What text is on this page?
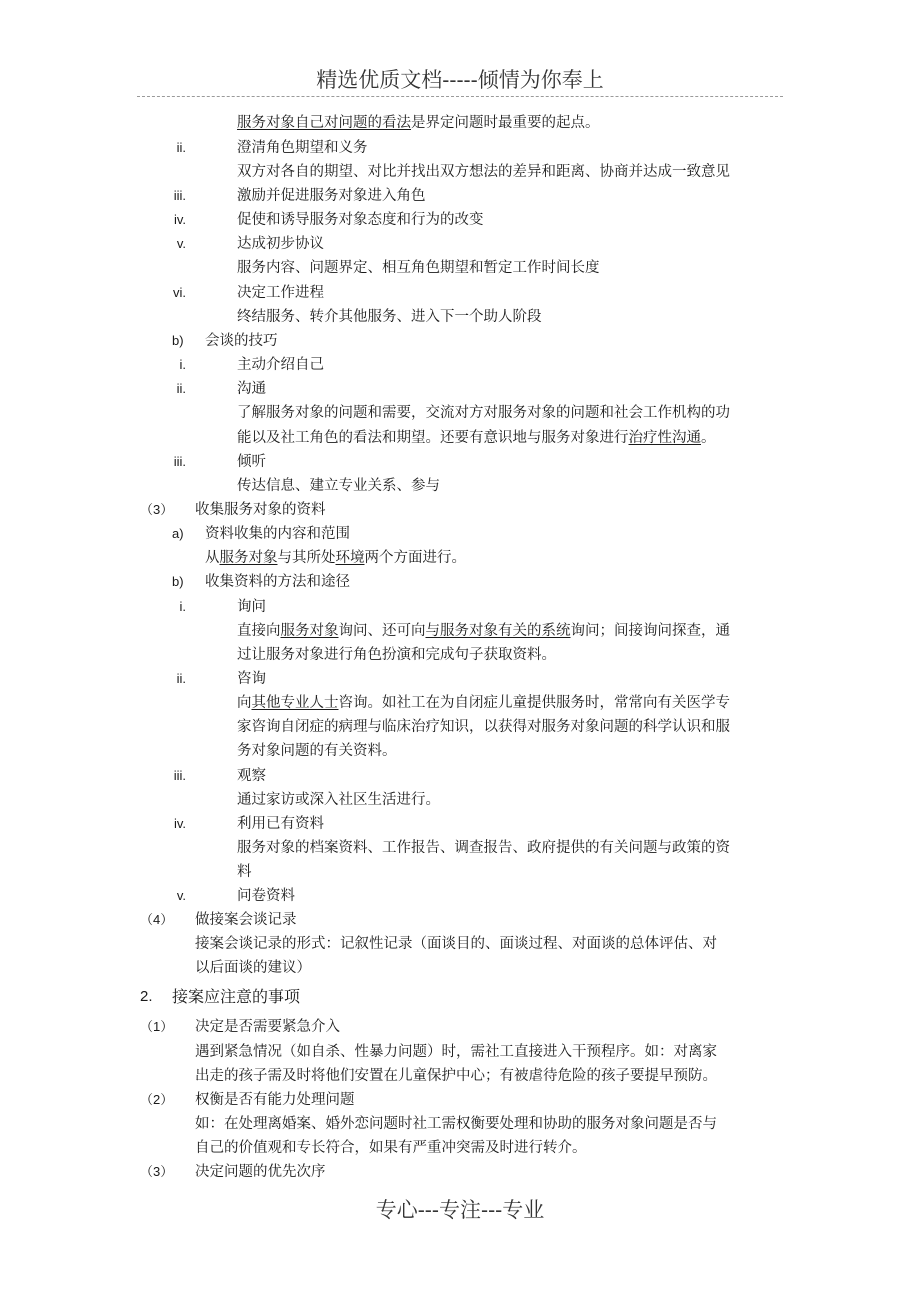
精选优质文档-----倾情为你奉上
服务对象自己对问题的看法是界定问题时最重要的起点。
ii.	澄清角色期望和义务
双方对各自的期望、对比并找出双方想法的差异和距离、协商并达成一致意见
iii.	激励并促进服务对象进入角色
iv.	促使和诱导服务对象态度和行为的改变
v.	达成初步协议
服务内容、问题界定、相互角色期望和暂定工作时间长度
vi.	决定工作进程
终结服务、转介其他服务、进入下一个助人阶段
b) 会谈的技巧
i.	主动介绍自己
ii.	沟通
了解服务对象的问题和需要，交流对方对服务对象的问题和社会工作机构的功
能以及社工角色的看法和期望。还要有意识地与服务对象进行治疗性沟通。
iii.	倾听
传达信息、建立专业关系、参与
（3） 收集服务对象的资料
a) 资料收集的内容和范围
从服务对象与其所处环境两个方面进行。
b) 收集资料的方法和途径
i.	询问
直接向服务对象询问、还可向与服务对象有关的系统询问；间接询问探查，通
过让服务对象进行角色扮演和完成句子获取资料。
ii.	咨询
向其他专业人士咨询。如社工在为自闭症儿童提供服务时，常常向有关医学专
家咨询自闭症的病理与临床治疗知识，以获得对服务对象问题的科学认识和服
务对象问题的有关资料。
iii.	观察
通过家访或深入社区生活进行。
iv.	利用已有资料
服务对象的档案资料、工作报告、调查报告、政府提供的有关问题与政策的资
料
v.	问卷资料
（4） 做接案会谈记录
接案会谈记录的形式：记叙性记录（面谈目的、面谈过程、对面谈的总体评估、对
以后面谈的建议）
2. 接案应注意的事项
（1） 决定是否需要紧急介入
遇到紧急情况（如自杀、性暴力问题）时，需社工直接进入干预程序。如：对离家
出走的孩子需及时将他们安置在儿童保护中心；有被虐待危险的孩子要提早预防。
（2） 权衡是否有能力处理问题
如：在处理离婚案、婚外恋问题时社工需权衡要处理和协助的服务对象问题是否与
自己的价值观和专长符合，如果有严重冲突需及时进行转介。
（3） 决定问题的优先次序
专心---专注---专业
